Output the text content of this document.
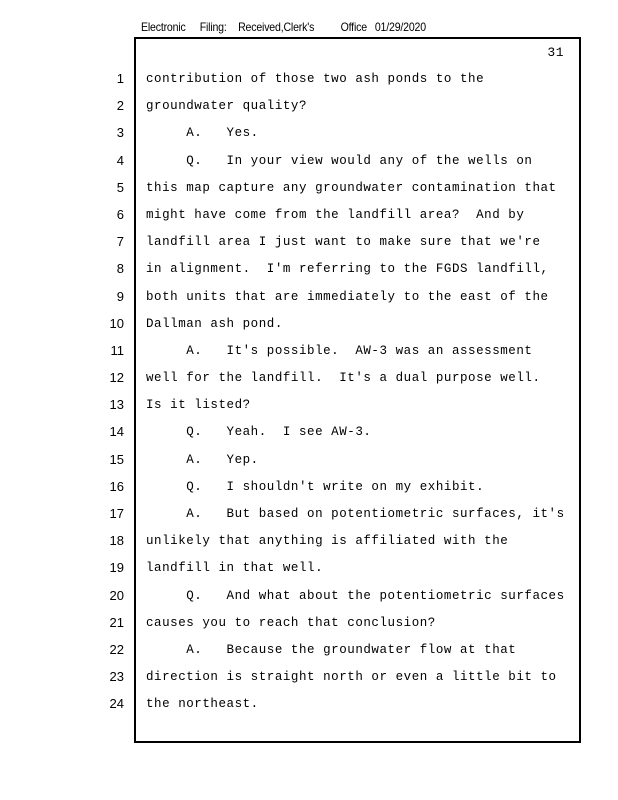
Electronic Filing: Received,Clerk's Office 01/29/2020
31
1
2
3
4
5
6
7
8
9
10
11
12
13
14
15
16
17
18
19
20
21
22
23
24
contribution of those two ash ponds to the
groundwater quality?
A.   Yes.
Q.   In your view would any of the wells on
this map capture any groundwater contamination that
might have come from the landfill area?  And by
landfill area I just want to make sure that we're
in alignment.  I'm referring to the FGDS landfill,
both units that are immediately to the east of the
Dallman ash pond.
A.   It's possible.  AW-3 was an assessment
well for the landfill.  It's a dual purpose well.
Is it listed?
Q.   Yeah.  I see AW-3.
A.   Yep.
Q.   I shouldn't write on my exhibit.
A.   But based on potentiometric surfaces, it's
unlikely that anything is affiliated with the
landfill in that well.
Q.   And what about the potentiometric surfaces
causes you to reach that conclusion?
A.   Because the groundwater flow at that
direction is straight north or even a little bit to
the northeast.
